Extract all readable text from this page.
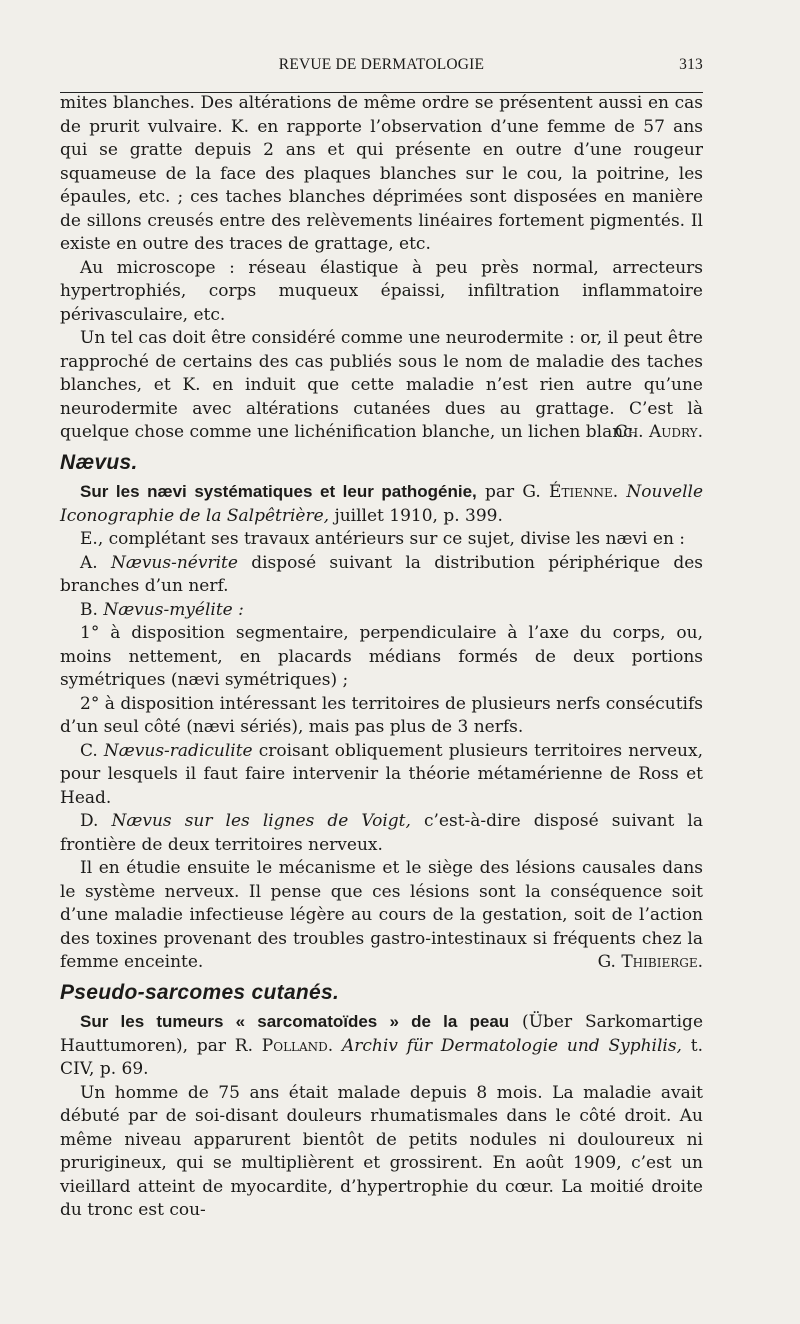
REVUE DE DERMATOLOGIE	313

mites blanches. Des altérations de même ordre se présentent aussi en cas de prurit vulvaire. K. en rapporte l’observation d’une femme de 57 ans qui se gratte depuis 2 ans et qui présente en outre d’une rougeur squameuse de la face des plaques blanches sur le cou, la poitrine, les épaules, etc. ; ces taches blanches déprimées sont disposées en manière de sillons creusés entre des relèvements linéaires fortement pigmentés. Il existe en outre des traces de grattage, etc.

Au microscope : réseau élastique à peu près normal, arrecteurs hypertrophiés, corps muqueux épaissi, infiltration inflammatoire périvasculaire, etc.

Un tel cas doit être considéré comme une neurodermite : or, il peut être rapproché de certains des cas publiés sous le nom de maladie des taches blanches, et K. en induit que cette maladie n’est rien autre qu’une neurodermite avec altérations cutanées dues au grattage. C’est là quelque chose comme une lichénification blanche, un lichen blanc.
Ch. Audry.

Nævus.

Sur les nævi systématiques et leur pathogénie, par G. Étienne. Nouvelle Iconographie de la Salpêtrière, juillet 1910, p. 399.

E., complétant ses travaux antérieurs sur ce sujet, divise les nævi en :

A. Nævus-névrite disposé suivant la distribution périphérique des branches d’un nerf.

B. Nævus-myélite :

1° à disposition segmentaire, perpendiculaire à l’axe du corps, ou, moins nettement, en placards médians formés de deux portions symétriques (nævi symétriques) ;

2° à disposition intéressant les territoires de plusieurs nerfs consécutifs d’un seul côté (nævi sériés), mais pas plus de 3 nerfs.

C. Nævus-radiculite croisant obliquement plusieurs territoires nerveux, pour lesquels il faut faire intervenir la théorie métamérienne de Ross et Head.

D. Nævus sur les lignes de Voigt, c’est-à-dire disposé suivant la frontière de deux territoires nerveux.

Il en étudie ensuite le mécanisme et le siège des lésions causales dans le système nerveux. Il pense que ces lésions sont la conséquence soit d’une maladie infectieuse légère au cours de la gestation, soit de l’action des toxines provenant des troubles gastro-intestinaux si fréquents chez la femme enceinte.	G. Thibierge.

Pseudo-sarcomes cutanés.

Sur les tumeurs « sarcomatoïdes » de la peau (Über Sarkomartige Hauttumoren), par R. Polland. Archiv für Dermatologie und Syphilis, t. CIV, p. 69.

Un homme de 75 ans était malade depuis 8 mois. La maladie avait débuté par de soi-disant douleurs rhumatismales dans le côté droit. Au même niveau apparurent bientôt de petits nodules ni douloureux ni prurigineux, qui se multiplièrent et grossirent. En août 1909, c’est un vieillard atteint de myocardite, d’hypertrophie du cœur. La moitié droite du tronc est cou-
